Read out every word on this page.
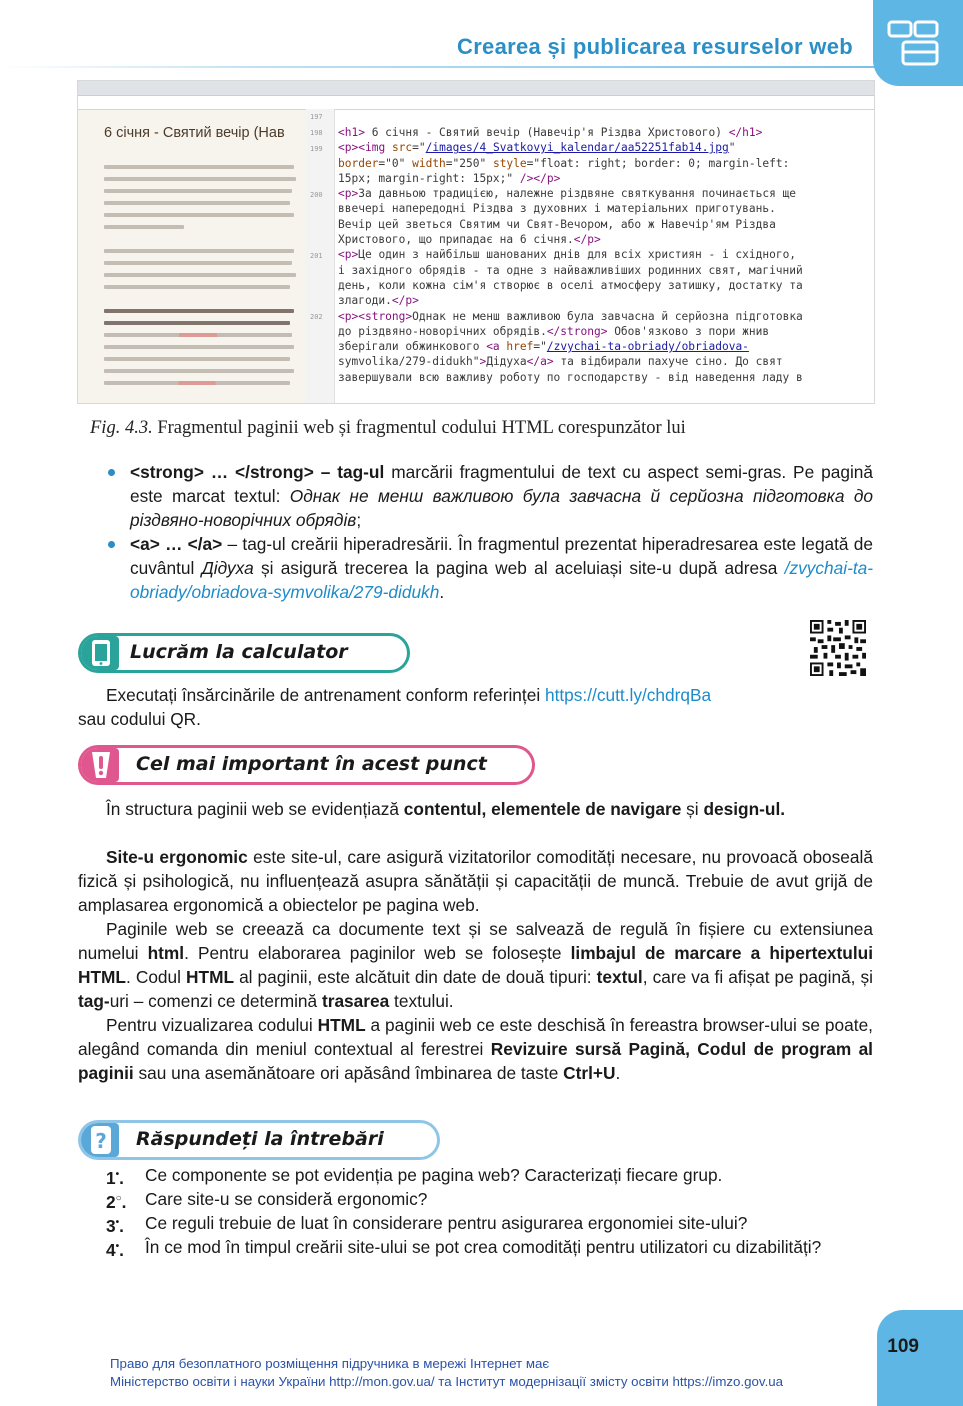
Crearea și publicarea resurselor web
6 січня - Святий вечір (Нав
197
198
199
200
201
202
<h1> 6 січня - Святий вечір (Навечір'я Різдва Христового) </h1>
<p><img src="/images/4_Svatkovyi_kalendar/aa52251fab14.jpg"
border="0" width="250" style="float: right; border: 0; margin-left:
15px; margin-right: 15px;" /></p>
<p>За давньою традицією, належне різдвяне святкування починається ще
ввечері напередодні Різдва з духовних і матеріальних приготувань.
Вечір цей зветься Святим чи Свят-Вечором, або ж Навечір'ям Різдва
Христового, що припадає на 6 січня.</p>
<p>Це один з найбільш шанованих днів для всіх християн - і східного,
і західного обрядів - та одне з найважливіших родинних свят, магічний
день, коли кожна сім'я створює в оселі атмосферу затишку, достатку та
злагоди.</p>
<p><strong>Однак не менш важливою була завчасна й серйозна підготовка
до різдвяно-новорічних обрядів.</strong> Обов'язково з пори жнив
зберігали обжинкового <a href="/zvychai-ta-obriady/obriadova-
symvolika/279-didukh">Дідуха</a> та відбирали пахуче сіно. До свят
завершували всю важливу роботу по господарству - від наведення ладу в
Fig. 4.3. Fragmentul paginii web și fragmentul codului HTML corespunzător lui
<strong> … </strong> – tag-ul marcării fragmentului de text cu aspect semi-gras. Pe pagină este marcat textul: Однак не менш важливою була завчасна й серйозна підготовка до різдвяно-новорічних обрядів;
<a> … </a> – tag-ul creării hiperadresării. În fragmentul prezentat hiperadresarea este legată de cuvântul Дiдуха și asigură trecerea la pagina web al aceluiași site-u după adresa /zvychai-ta-obriady/obriadova-symvolika/279-didukh.
Lucrăm la calculator
Executați însărcinările de antrenament conform referinței https://cutt.ly/chdrqBa
sau codului QR.
Cel mai important în acest punct
În structura paginii web se evidențiază contentul, elementele de navigare și design-ul.
Site-u ergonomic este site-ul, care asigură vizitatorilor comodități necesare, nu provoacă oboseală fizică și psihologică, nu influențează asupra sănătății și capacității de muncă. Trebuie de avut grijă de amplasarea ergonomică a obiectelor pe pagina web.
Paginile web se creează ca documente text și se salvează de regulă în fișiere cu extensiunea numelui html. Pentru elaborarea paginilor web se folosește limbajul de marcare a hipertextului HTML. Codul HTML al paginii, este alcătuit din date de două tipuri: textul, care va fi afișat pe pagină, și tag-uri – comenzi ce determină trasarea textului.
Pentru vizualizarea codului HTML a paginii web ce este deschisă în fereastra browser-ului se poate, alegând comanda din meniul contextual al ferestrei Revizuire sursă Pagină, Codul de program al paginii sau una asemănătoare ori apăsând îmbinarea de taste Ctrl+U.
? Răspundeți la întrebări
1•. Ce componente se pot evidenția pe pagina web? Caracterizați fiecare grup.
2○. Care site-u se consideră ergonomic?
3•. Ce reguli trebuie de luat în considerare pentru asigurarea ergonomiei site-ului?
4•. În ce mod în timpul creării site-ului se pot crea comodități pentru utilizatori cu dizabilități?
109
Право для безоплатного розміщення підручника в мережі Інтернет має
Міністерство освіти і науки України http://mon.gov.ua/ та Інститут модернізації змісту освіти https://imzo.gov.ua
